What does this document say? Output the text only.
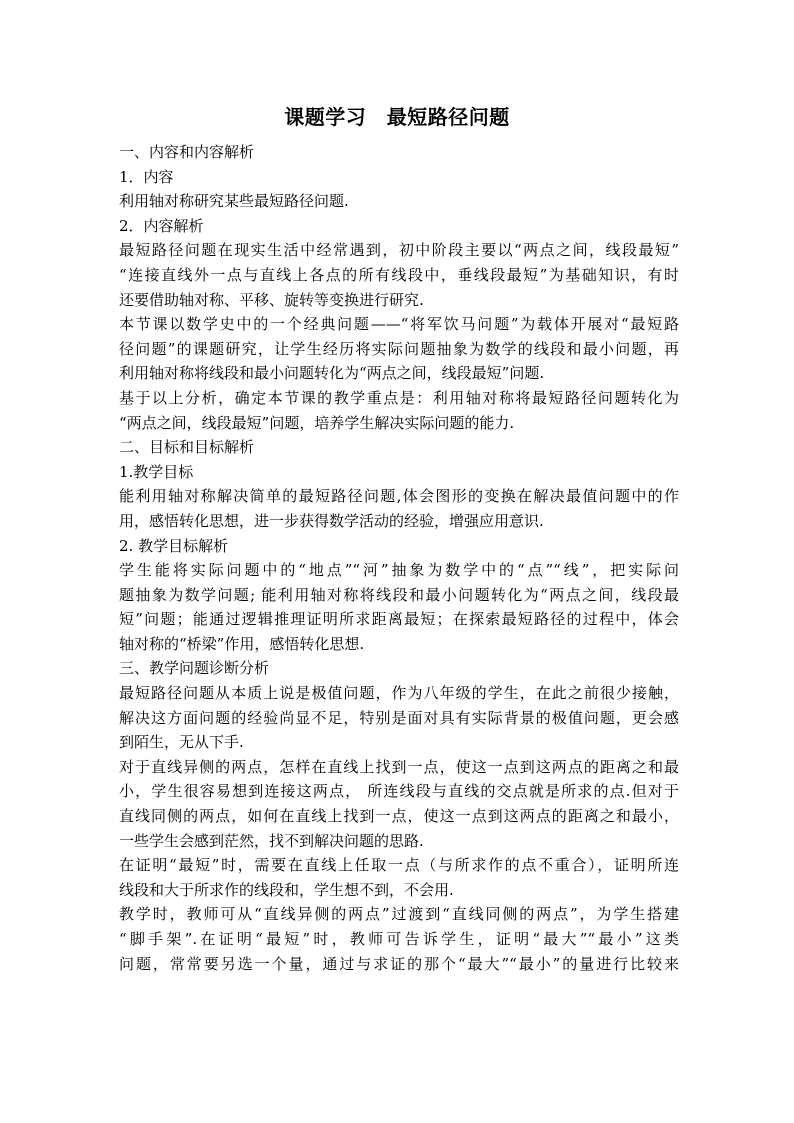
课题学习　最短路径问题
一、内容和内容解析
1．内容
利用轴对称研究某些最短路径问题.
2．内容解析
最短路径问题在现实生活中经常遇到，初中阶段主要以“两点之间，线段最短”
“连接直线外一点与直线上各点的所有线段中，垂线段最短”为基础知识，有时
还要借助轴对称、平移、旋转等变换进行研究.
本节课以数学史中的一个经典问题——“将军饮马问题”为载体开展对“最短路
径问题”的课题研究，让学生经历将实际问题抽象为数学的线段和最小问题，再
利用轴对称将线段和最小问题转化为“两点之间，线段最短”问题.
基于以上分析，确定本节课的教学重点是：利用轴对称将最短路径问题转化为
“两点之间，线段最短”问题，培养学生解决实际问题的能力.
二、目标和目标解析
1.教学目标
能利用轴对称解决简单的最短路径问题,体会图形的变换在解决最值问题中的作
用，感悟转化思想，进一步获得数学活动的经验，增强应用意识.
2. 教学目标解析
学生能将实际问题中的“地点”“河”抽象为数学中的“点”“线”，把实际问
题抽象为数学问题; 能利用轴对称将线段和最小问题转化为“两点之间，线段最
短”问题；能通过逻辑推理证明所求距离最短；在探索最短路径的过程中，体会
轴对称的“桥梁”作用，感悟转化思想.
三、教学问题诊断分析
最短路径问题从本质上说是极值问题，作为八年级的学生，在此之前很少接触，
解决这方面问题的经验尚显不足，特别是面对具有实际背景的极值问题，更会感
到陌生，无从下手.
对于直线异侧的两点，怎样在直线上找到一点，使这一点到这两点的距离之和最
小，学生很容易想到连接这两点， 所连线段与直线的交点就是所求的点.但对于
直线同侧的两点，如何在直线上找到一点，使这一点到这两点的距离之和最小，
一些学生会感到茫然，找不到解决问题的思路.
在证明“最短”时，需要在直线上任取一点（与所求作的点不重合），证明所连
线段和大于所求作的线段和，学生想不到，不会用.
教学时，教师可从“直线异侧的两点”过渡到“直线同侧的两点”，为学生搭建
“脚手架”.在证明“最短”时，教师可告诉学生，证明“最大”“最小”这类
问题，常常要另选一个量，通过与求证的那个“最大”“最小”的量进行比较来
